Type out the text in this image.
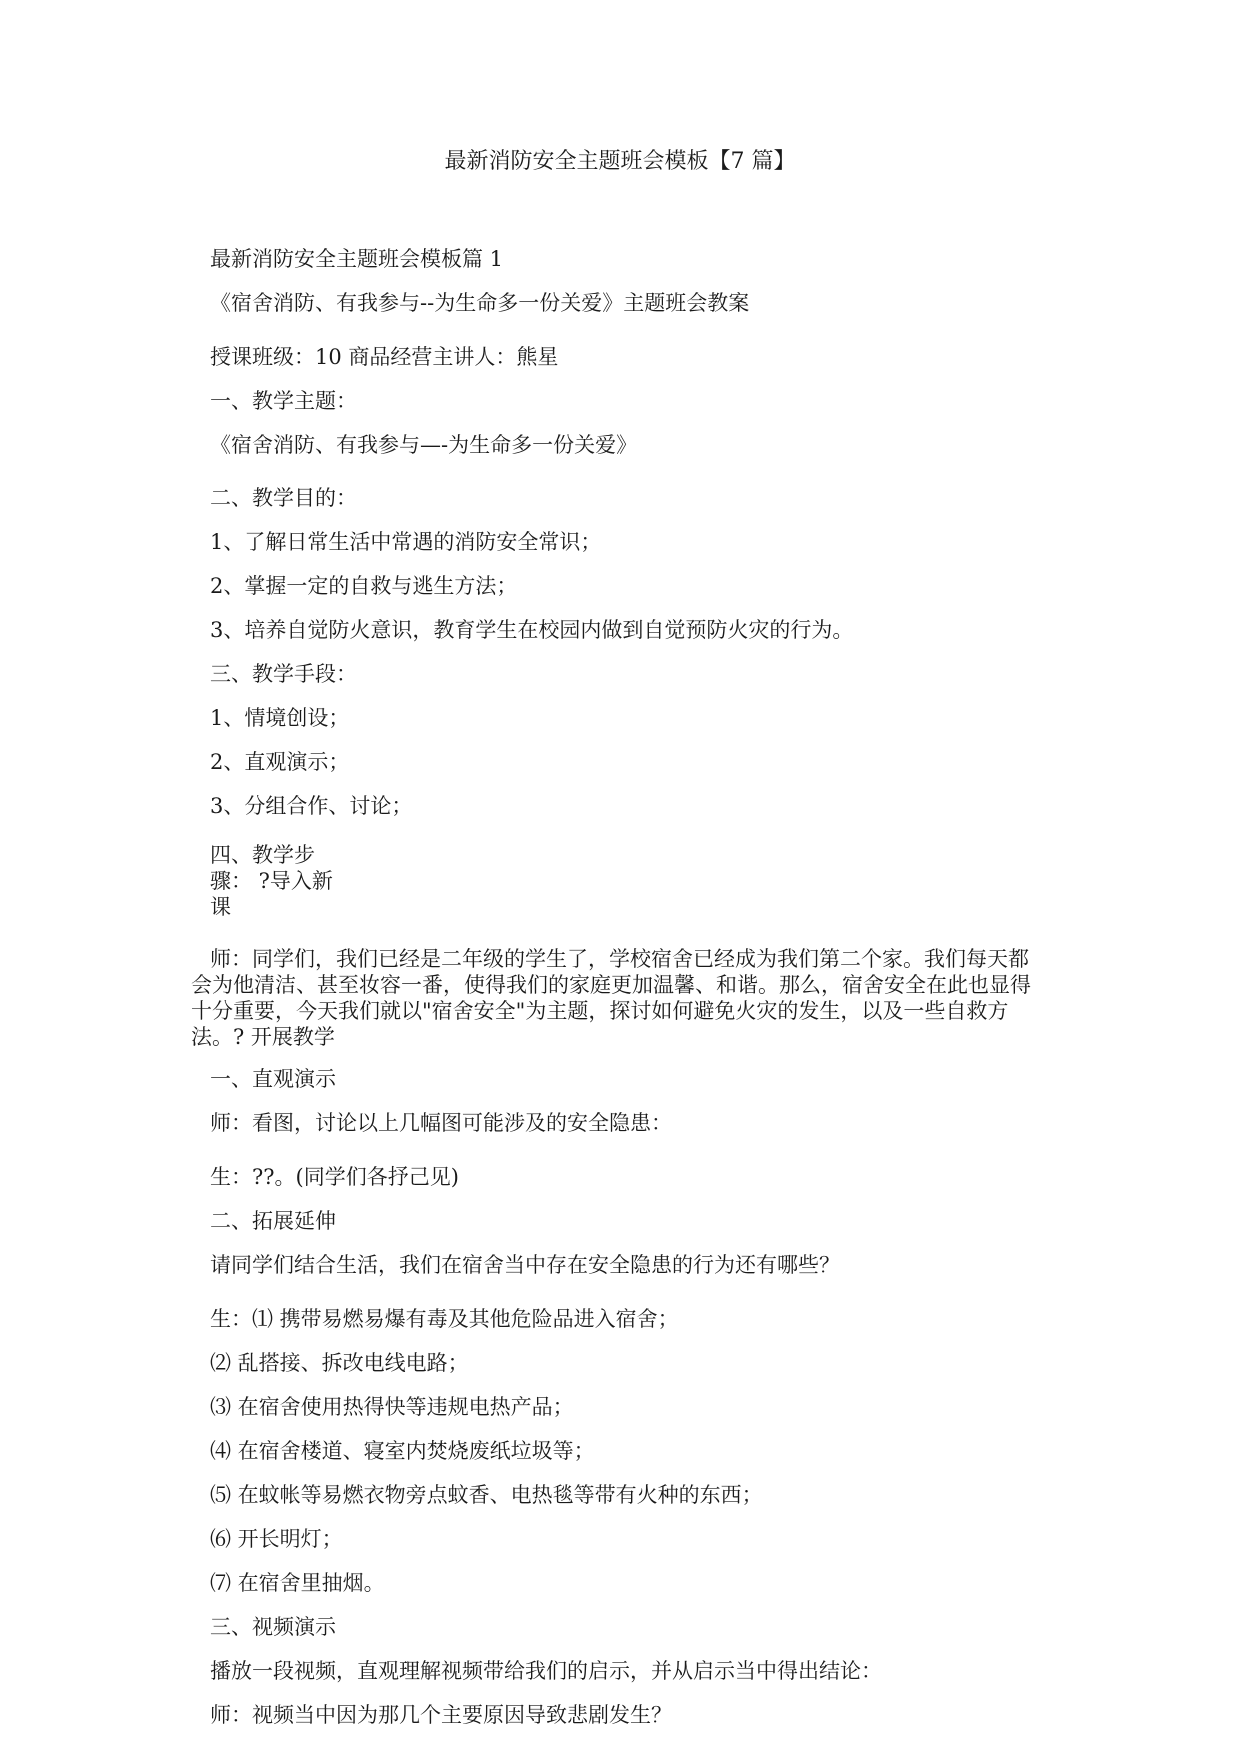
最新消防安全主题班会模板【7 篇】
最新消防安全主题班会模板篇 1
《宿舍消防、有我参与--为生命多一份关爱》主题班会教案
授课班级：10 商品经营主讲人：熊星
一、教学主题：
《宿舍消防、有我参与—-为生命多一份关爱》
二、教学目的：
1、了解日常生活中常遇的消防安全常识；
2、掌握一定的自救与逃生方法；
3、培养自觉防火意识，教育学生在校园内做到自觉预防火灾的行为。
三、教学手段：
1、情境创设；
2、直观演示；
3、分组合作、讨论；
四、教学步
骤： ?导入新
课
师：同学们，我们已经是二年级的学生了，学校宿舍已经成为我们第二个家。我们每天都
会为他清洁、甚至妆容一番，使得我们的家庭更加温馨、和谐。那么，宿舍安全在此也显得
十分重要，今天我们就以"宿舍安全"为主题，探讨如何避免火灾的发生，以及一些自救方
法。? 开展教学
一、直观演示
师：看图，讨论以上几幅图可能涉及的安全隐患：
生：??。(同学们各抒己见)
二、拓展延伸
请同学们结合生活，我们在宿舍当中存在安全隐患的行为还有哪些？
生：⑴ 携带易燃易爆有毒及其他危险品进入宿舍；
⑵ 乱搭接、拆改电线电路；
⑶ 在宿舍使用热得快等违规电热产品；
⑷ 在宿舍楼道、寝室内焚烧废纸垃圾等；
⑸ 在蚊帐等易燃衣物旁点蚊香、电热毯等带有火种的东西；
⑹ 开长明灯；
⑺ 在宿舍里抽烟。
三、视频演示
播放一段视频，直观理解视频带给我们的启示，并从启示当中得出结论：
师：视频当中因为那几个主要原因导致悲剧发生？
